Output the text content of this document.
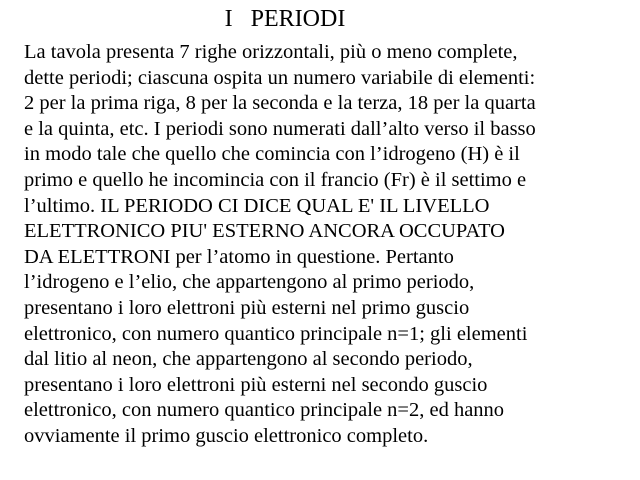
I   PERIODI
La tavola presenta 7 righe orizzontali, più o meno complete,
dette periodi; ciascuna ospita un numero variabile di elementi:
2 per la prima riga, 8 per la seconda e la terza, 18 per la quarta
e la quinta, etc. I periodi sono numerati dall’alto verso il basso
in modo tale che quello che comincia con l’idrogeno (H) è il
primo e quello he incomincia con il francio (Fr) è il settimo e
l’ultimo. IL PERIODO CI DICE QUAL E' IL LIVELLO
ELETTRONICO PIU' ESTERNO ANCORA OCCUPATO
DA ELETTRONI per l’atomo in questione. Pertanto
l’idrogeno e l’elio, che appartengono al primo periodo,
presentano i loro elettroni più esterni nel primo guscio
elettronico, con numero quantico principale n=1; gli elementi
dal litio al neon, che appartengono al secondo periodo,
presentano i loro elettroni più esterni nel secondo guscio
elettronico, con numero quantico principale n=2, ed hanno
ovviamente il primo guscio elettronico completo.
